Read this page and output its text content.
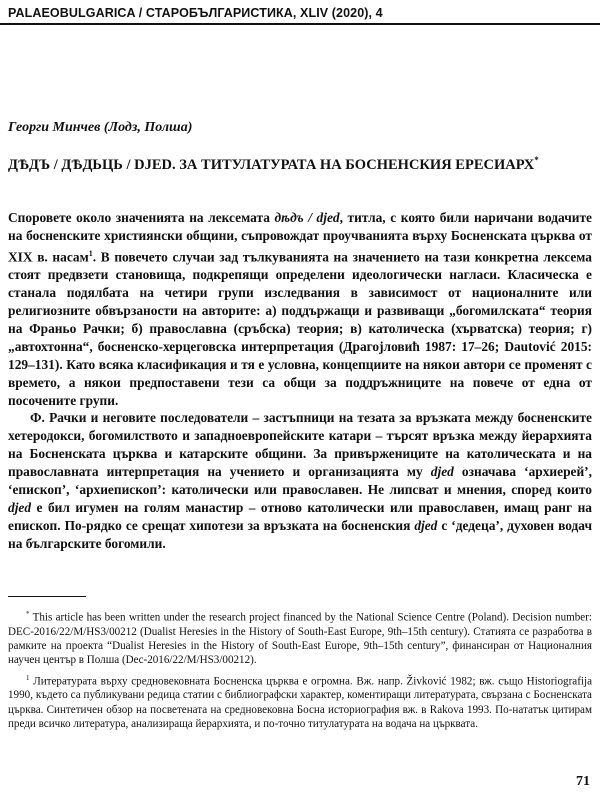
PALAEOBULGARICA / СТАРОБЪЛГАРИСТИКА, XLIV (2020), 4
Георги Минчев (Лодз, Полша)
ДѢДЪ / ДѢДЬЦЬ / DJED. ЗА ТИТУЛАТУРАТА НА БОСНЕНСКИЯ ЕРЕСИАРХ*

Споровете около значенията на лексемата дѣдъ / djed, титла, с която били наричани водачите на босненските християнски общини, съпровождат проучванията върху Босненската църква от XIX в. насам$^1$. В повечето случаи зад тълкуванията на значението на тази конкретна лексема стоят предвзети становища, подкрепящи определени идеологически нагласи. Класическа е станала подялбата на четири групи изследвания в зависимост от националните или религиозните обвързаности на авторите: а) поддържащи и развиващи „богомилската“ теория на Франьо Рачки; б) православна (сръбска) теория; в) католическа (хърватска) теория; г) „автохтонна“, босненско-херцеговска интерпретация (Драгојловић 1987: 17–26; Dautović 2015: 129–131). Като всяка класификация и тя е условна, концепциите на някои автори се променят с времето, а някои предпоставени тези са общи за поддръжниците на повече от една от посочените групи.

Ф. Рачки и неговите последователи – застъпници на тезата за връзката между босненските хетеродокси, богомилството и западноевропейските катари – търсят връзка между йерархията на Босненската църква и катарските общини. За привържениците на католическата и на православната интерпретация на учението и организацията му djed означава ‘архиерей’, ‘епископ’, ‘архиепископ’: католически или православен. Не липсват и мнения, според които djed е бил игумен на голям манастир – отново католически или православен, имащ ранг на епископ. По-рядко се срещат хипотези за връзката на босненския djed с ‘дедеца’, духовен водач на българските богомили.

* This article has been written under the research project financed by the National Science Centre (Poland). Decision number: DEC-2016/22/M/HS3/00212 (Dualist Heresies in the History of South-East Europe, 9th–15th century). Статията се разработва в рамките на проекта “Dualist Heresies in the History of South-East Europe, 9th–15th century”, финансиран от Националния научен център в Полша (Dec-2016/22/M/HS3/00212).

$^1$ Литературата върху средновековната Босненска църква е огромна. Вж. напр. Živković 1982; вж. също Historiografija 1990, където са публикувани редица статии с библиографски характер, коментиращи литературата, свързана с Босненската църква. Синтетичен обзор на посветената на средновековна Босна историография вж. в Rakova 1993. По-нататък цитирам преди всичко литература, анализираща йерархията, и по-точно титулатурата на водача на църквата.

71
